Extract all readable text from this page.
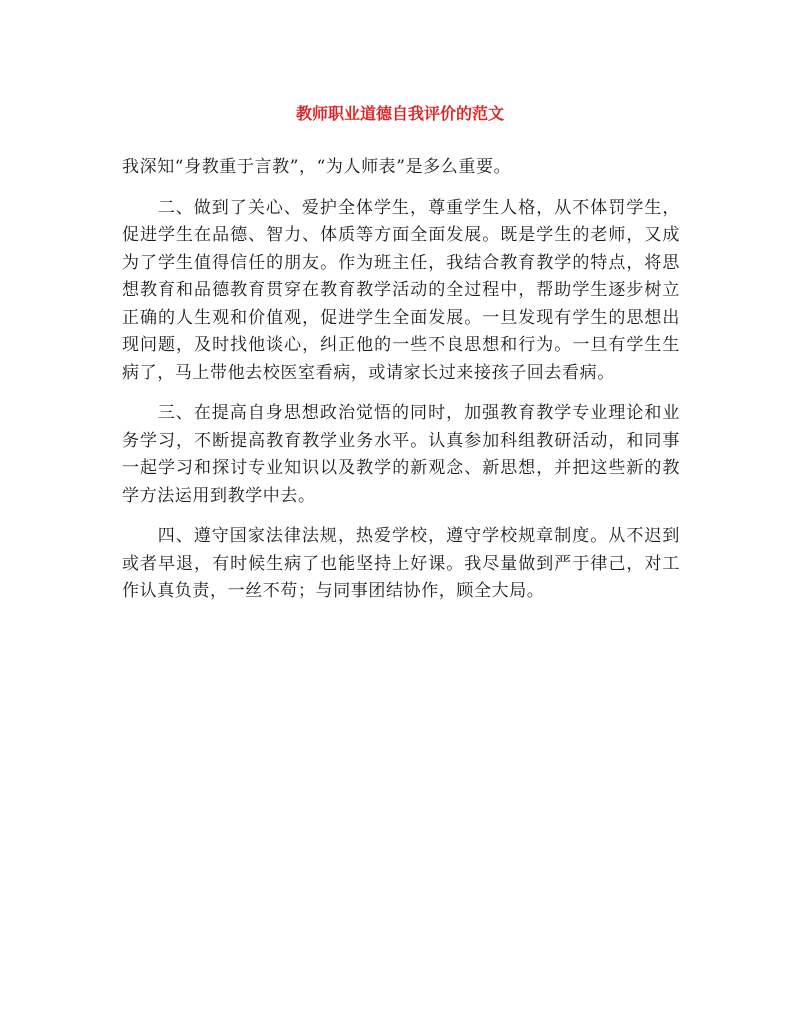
教师职业道德自我评价的范文

我深知“身教重于言教”，“为人师表”是多么重要。

二、做到了关心、爱护全体学生，尊重学生人格，从不体罚学生，促进学生在品德、智力、体质等方面全面发展。既是学生的老师，又成为了学生值得信任的朋友。作为班主任，我结合教育教学的特点，将思想教育和品德教育贯穿在教育教学活动的全过程中，帮助学生逐步树立正确的人生观和价值观，促进学生全面发展。一旦发现有学生的思想出现问题，及时找他谈心，纠正他的一些不良思想和行为。一旦有学生生病了，马上带他去校医室看病，或请家长过来接孩子回去看病。

三、在提高自身思想政治觉悟的同时，加强教育教学专业理论和业务学习，不断提高教育教学业务水平。认真参加科组教研活动，和同事一起学习和探讨专业知识以及教学的新观念、新思想，并把这些新的教学方法运用到教学中去。

四、遵守国家法律法规，热爱学校，遵守学校规章制度。从不迟到或者早退，有时候生病了也能坚持上好课。我尽量做到严于律己，对工作认真负责，一丝不苟；与同事团结协作，顾全大局。
